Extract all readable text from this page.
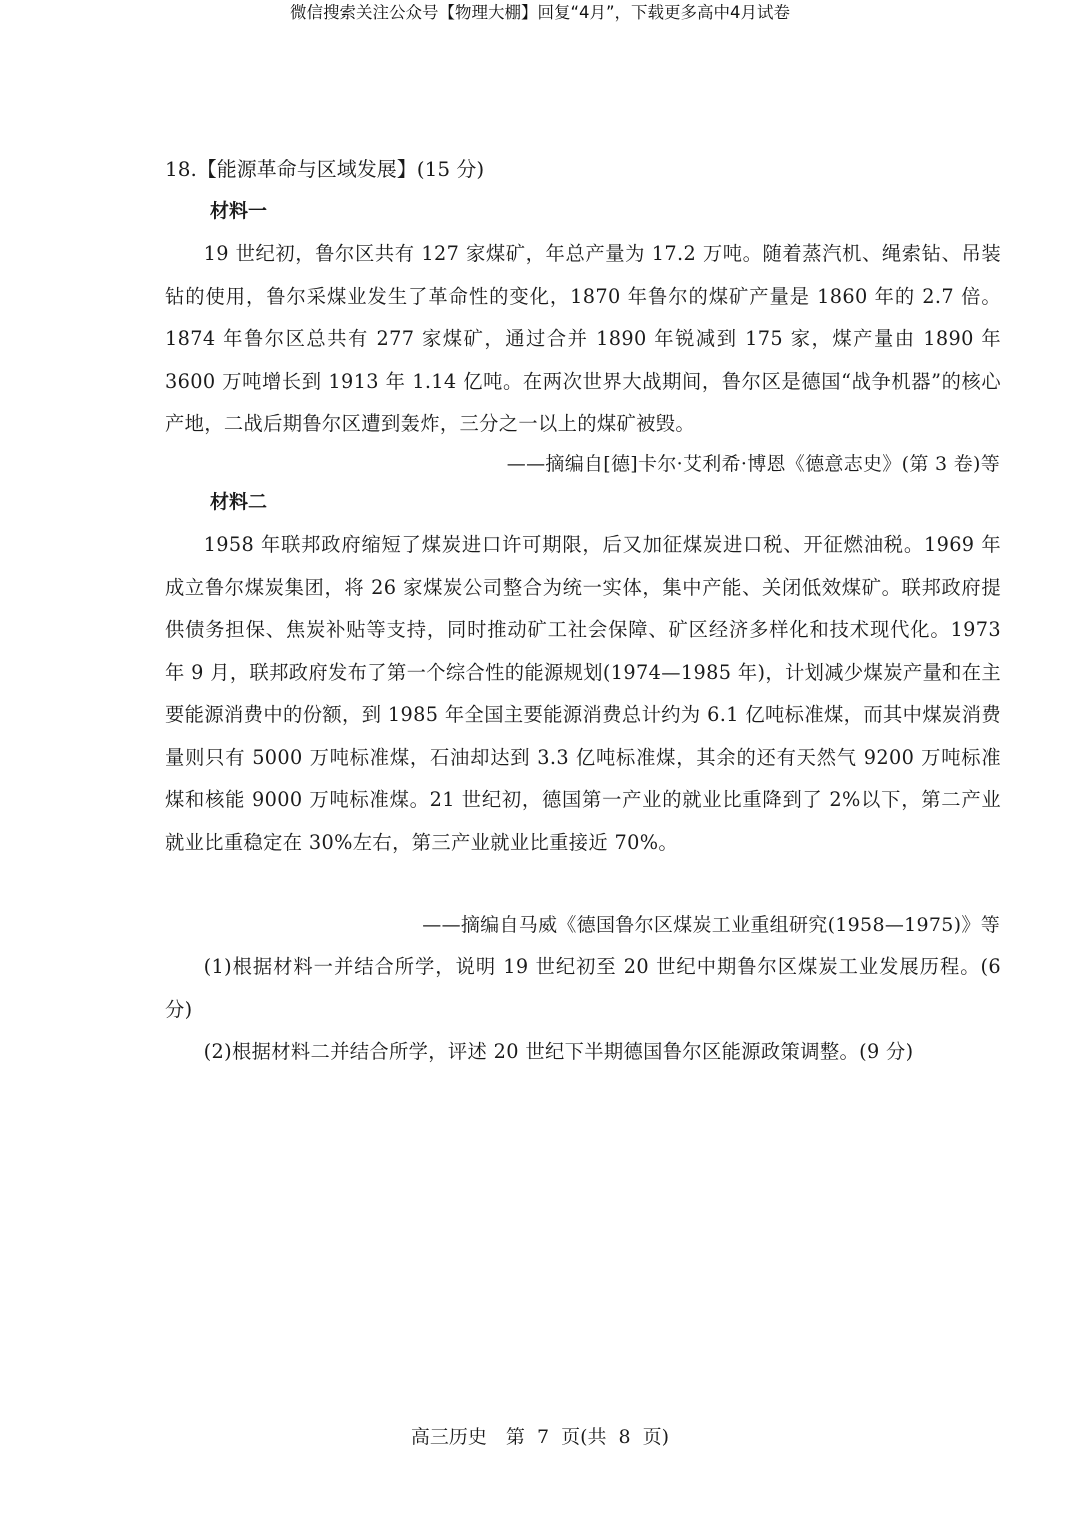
微信搜索关注公众号【物理大棚】回复“4月”，下载更多高中4月试卷
18.【能源革命与区域发展】(15 分)
材料一

19 世纪初，鲁尔区共有 127 家煤矿，年总产量为 17.2 万吨。随着蒸汽机、绳索钻、吊装钻的使用，鲁尔采煤业发生了革命性的变化，1870 年鲁尔的煤矿产量是 1860 年的 2.7 倍。1874 年鲁尔区总共有 277 家煤矿，通过合并 1890 年锐减到 175 家，煤产量由 1890 年 3600 万吨增长到 1913 年 1.14 亿吨。在两次世界大战期间，鲁尔区是德国“战争机器”的核心产地，二战后期鲁尔区遭到轰炸，三分之一以上的煤矿被毁。

——摘编自[德]卡尔·艾利希·博恩《德意志史》(第 3 卷)等
材料二

1958 年联邦政府缩短了煤炭进口许可期限，后又加征煤炭进口税、开征燃油税。1969 年成立鲁尔煤炭集团，将 26 家煤炭公司整合为统一实体，集中产能、关闭低效煤矿。联邦政府提供债务担保、焦炭补贴等支持，同时推动矿工社会保障、矿区经济多样化和技术现代化。1973 年 9 月，联邦政府发布了第一个综合性的能源规划(1974—1985 年)，计划减少煤炭产量和在主要能源消费中的份额，到 1985 年全国主要能源消费总计约为 6.1 亿吨标准煤，而其中煤炭消费量则只有 5000 万吨标准煤，石油却达到 3.3 亿吨标准煤，其余的还有天然气 9200 万吨标准煤和核能 9000 万吨标准煤。21 世纪初，德国第一产业的就业比重降到了 2%以下，第二产业就业比重稳定在 30%左右，第三产业就业比重接近 70%。

——摘编自马威《德国鲁尔区煤炭工业重组研究(1958—1975)》等

(1)根据材料一并结合所学，说明 19 世纪初至 20 世纪中期鲁尔区煤炭工业发展历程。(6 分)

(2)根据材料二并结合所学，评述 20 世纪下半期德国鲁尔区能源政策调整。(9 分)

高三历史　第 7 页(共 8 页)
